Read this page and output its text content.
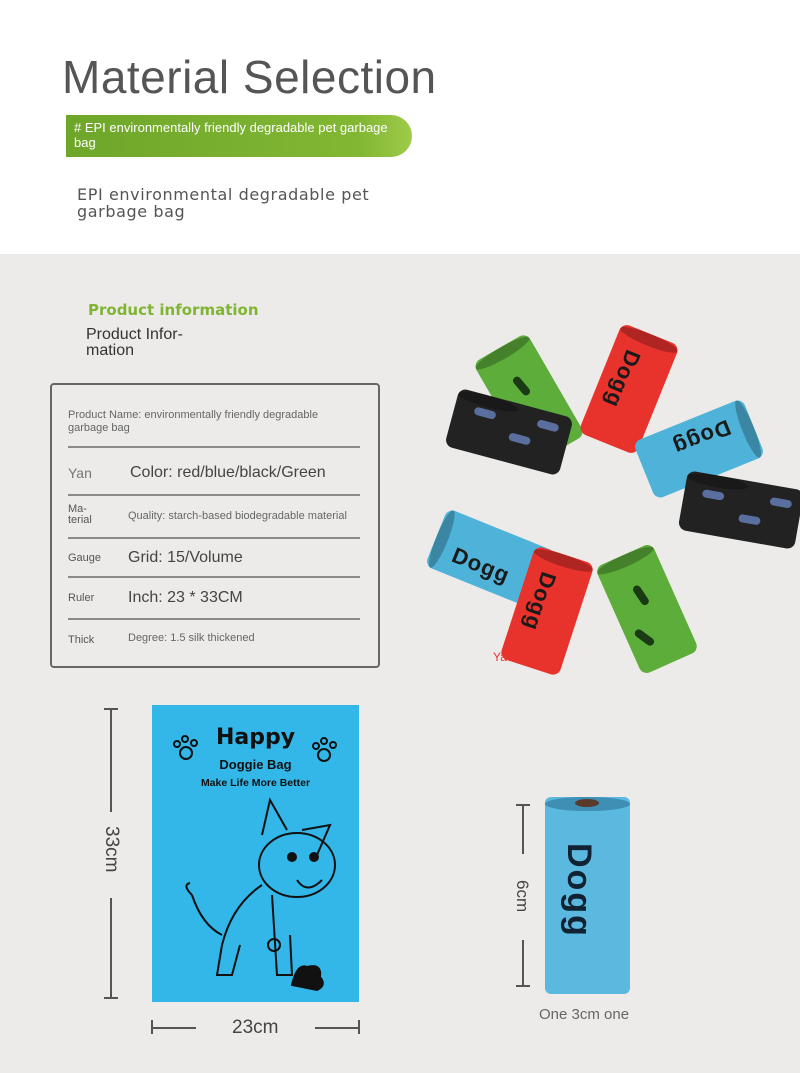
Material Selection
# EPI environmentally friendly degradable pet garbage bag
EPI environmental degradable pet garbage bag
Product information
Product Infor-mation
Product Name: environmentally friendly degradable garbage bag
Yan Color: red/blue/black/Green
Ma-terial	Quality: starch-based biodegradable material
Gauge Grid: 15/Volume
Ruler Inch: 23 * 33CM
Thick	Degree: 1.5 silk thickened
Dogg
Dogg
Dogg
Dogg
Yao
33cm
Happy
Doggie Bag
Make Life More Better
23cm
6cm Dogg
One 3cm one
